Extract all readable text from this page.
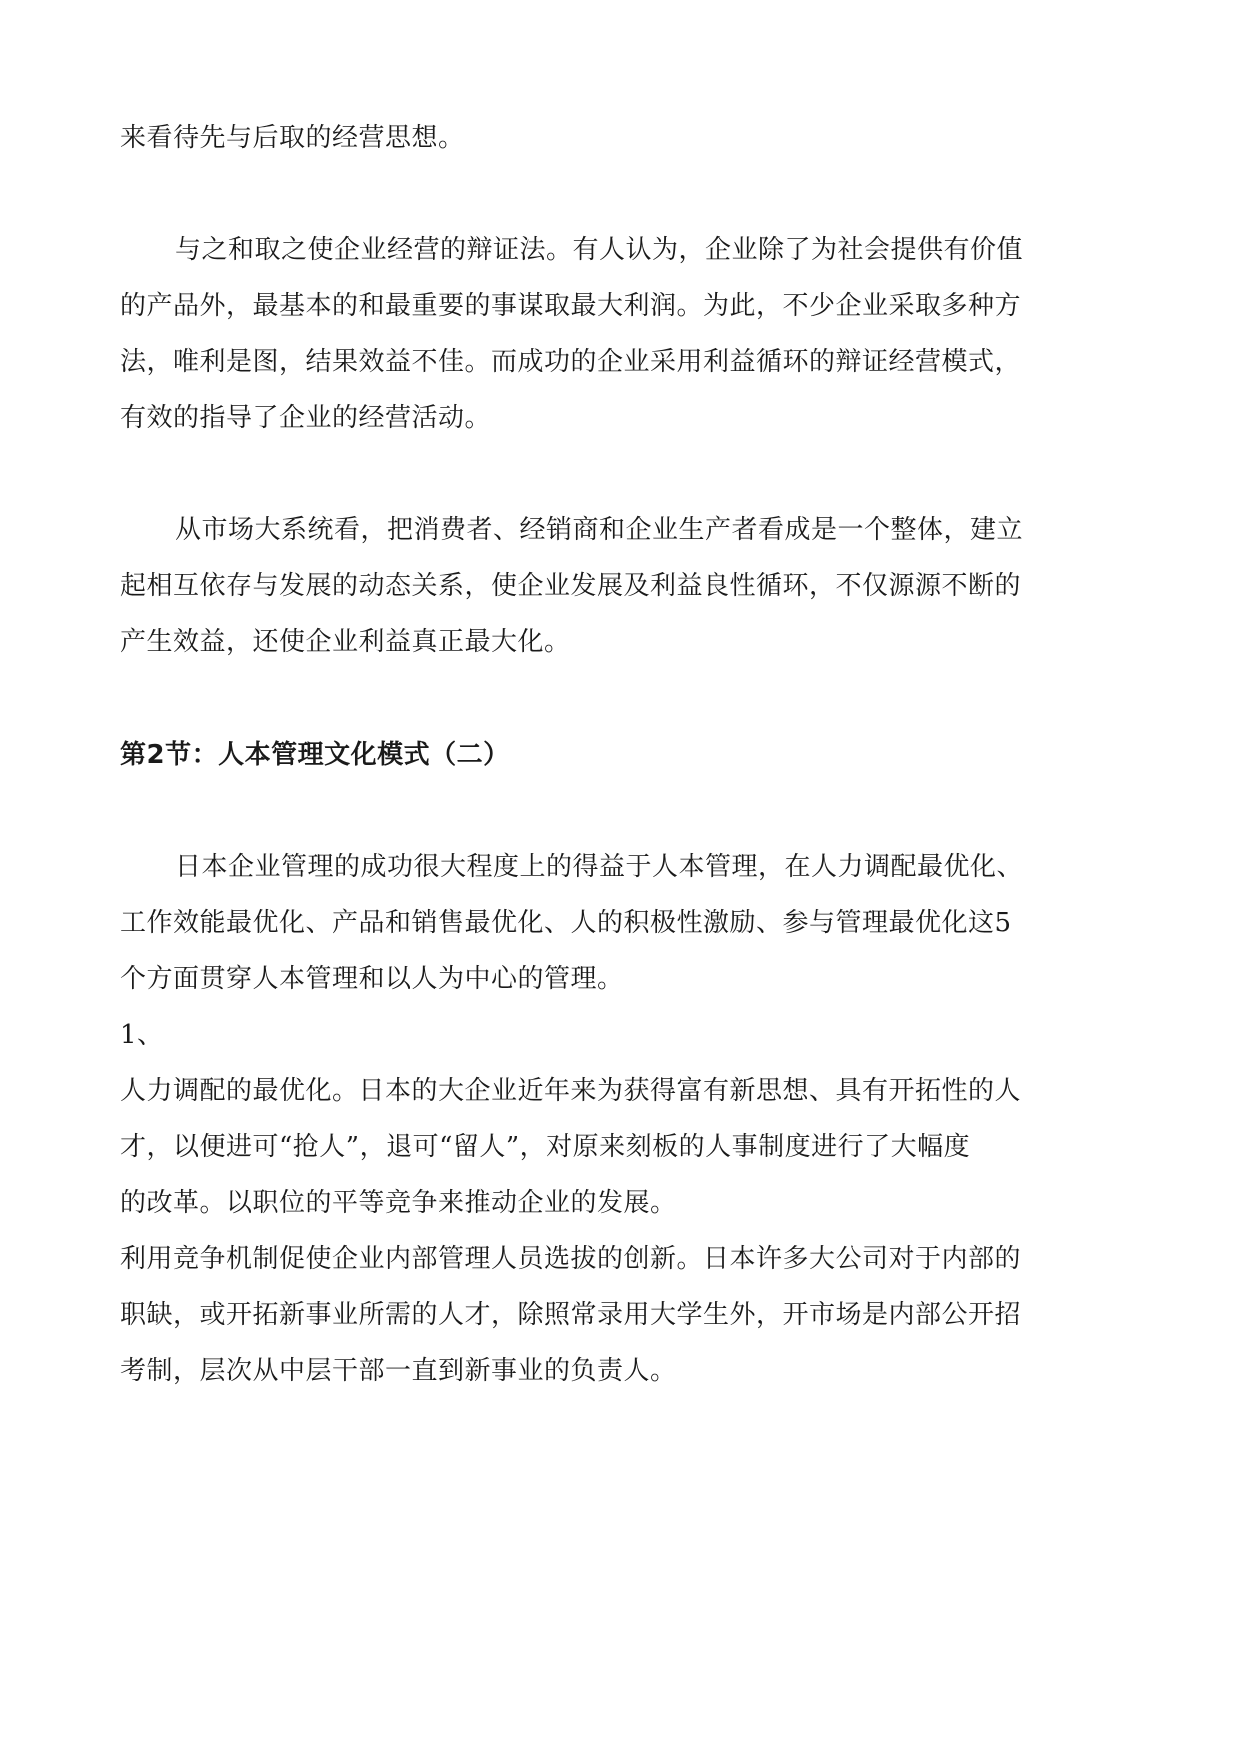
来看待先与后取的经营思想。
与之和取之使企业经营的辩证法。有人认为，企业除了为社会提供有价值
的产品外，最基本的和最重要的事谋取最大利润。为此，不少企业采取多种方
法，唯利是图，结果效益不佳。而成功的企业采用利益循环的辩证经营模式，
有效的指导了企业的经营活动。
从市场大系统看，把消费者、经销商和企业生产者看成是一个整体，建立
起相互依存与发展的动态关系，使企业发展及利益良性循环，不仅源源不断的
产生效益，还使企业利益真正最大化。
第2节：人本管理文化模式（二）
日本企业管理的成功很大程度上的得益于人本管理，在人力调配最优化、
工作效能最优化、产品和销售最优化、人的积极性激励、参与管理最优化这5
个方面贯穿人本管理和以人为中心的管理。
1、
人力调配的最优化。日本的大企业近年来为获得富有新思想、具有开拓性的人
才，以便进可“抢人”，退可“留人”，对原来刻板的人事制度进行了大幅度
的改革。以职位的平等竞争来推动企业的发展。
利用竞争机制促使企业内部管理人员选拔的创新。日本许多大公司对于内部的
职缺，或开拓新事业所需的人才，除照常录用大学生外，开市场是内部公开招
考制，层次从中层干部一直到新事业的负责人。
